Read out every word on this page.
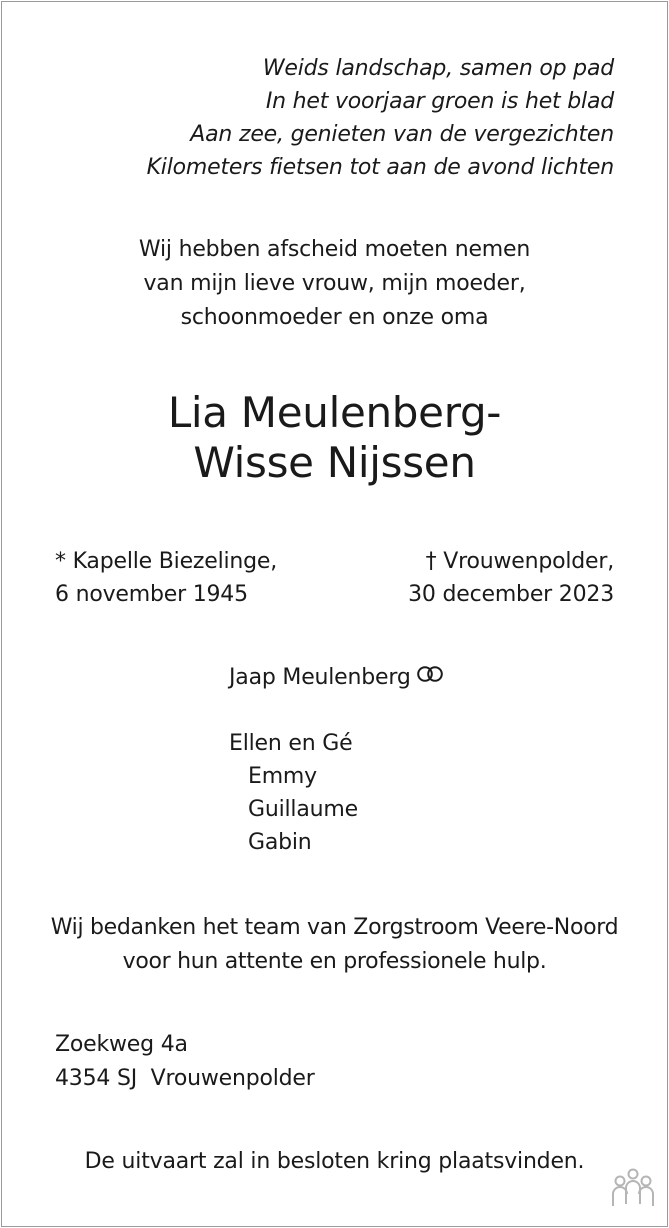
Weids landschap, samen op pad
In het voorjaar groen is het blad
Aan zee, genieten van de vergezichten
Kilometers fietsen tot aan de avond lichten
Wij hebben afscheid moeten nemen
van mijn lieve vrouw, mijn moeder,
schoonmoeder en onze oma
Lia Meulenberg-
Wisse Nijssen
* Kapelle Biezelinge,
6 november 1945
† Vrouwenpolder,
30 december 2023
Jaap Meulenberg
Ellen en Gé
Emmy
Guillaume
Gabin
Wij bedanken het team van Zorgstroom Veere-Noord
voor hun attente en professionele hulp.
Zoekweg 4a
4354 SJ  Vrouwenpolder
De uitvaart zal in besloten kring plaatsvinden.
